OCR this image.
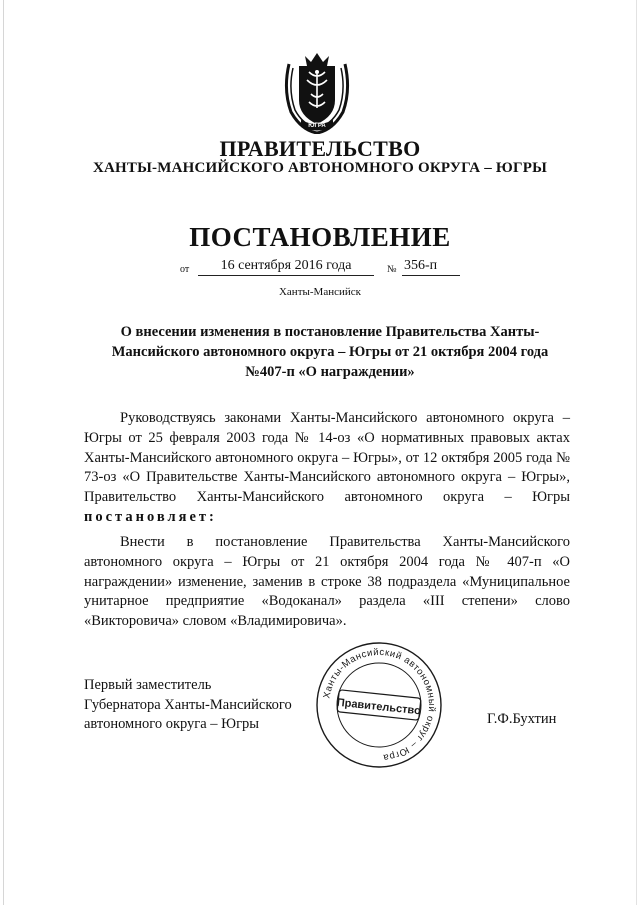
ЮГРА
ПРАВИТЕЛЬСТВО
ХАНТЫ-МАНСИЙСКОГО АВТОНОМНОГО ОКРУГА – ЮГРЫ
ПОСТАНОВЛЕНИЕ
от	16 сентября 2016 года	№ 356-п
Ханты-Мансийск
О внесении изменения в постановление Правительства Ханты-Мансийского автономного округа – Югры от 21 октября 2004 года №407-п «О награждении»
Руководствуясь законами Ханты-Мансийского автономного округа – Югры от 25 февраля 2003 года № 14-оз «О нормативных правовых актах Ханты-Мансийского автономного округа – Югры», от 12 октября 2005 года № 73-оз «О Правительстве Ханты-Мансийского автономного округа – Югры», Правительство Ханты-Мансийского автономного округа – Югры постановляет:
Внести в постановление Правительства Ханты-Мансийского автономного округа – Югры от 21 октября 2004 года № 407-п «О награждении» изменение, заменив в строке 38 подраздела «Муниципальное унитарное предприятие «Водоканал» раздела «III степени» слово «Викторовича» словом «Владимировича».
Первый заместитель
Губернатора Ханты-Мансийского
автономного округа – Югры
Ханты-Мансийский автономный округ – Югра
Правительство
Г.Ф.Бухтин
